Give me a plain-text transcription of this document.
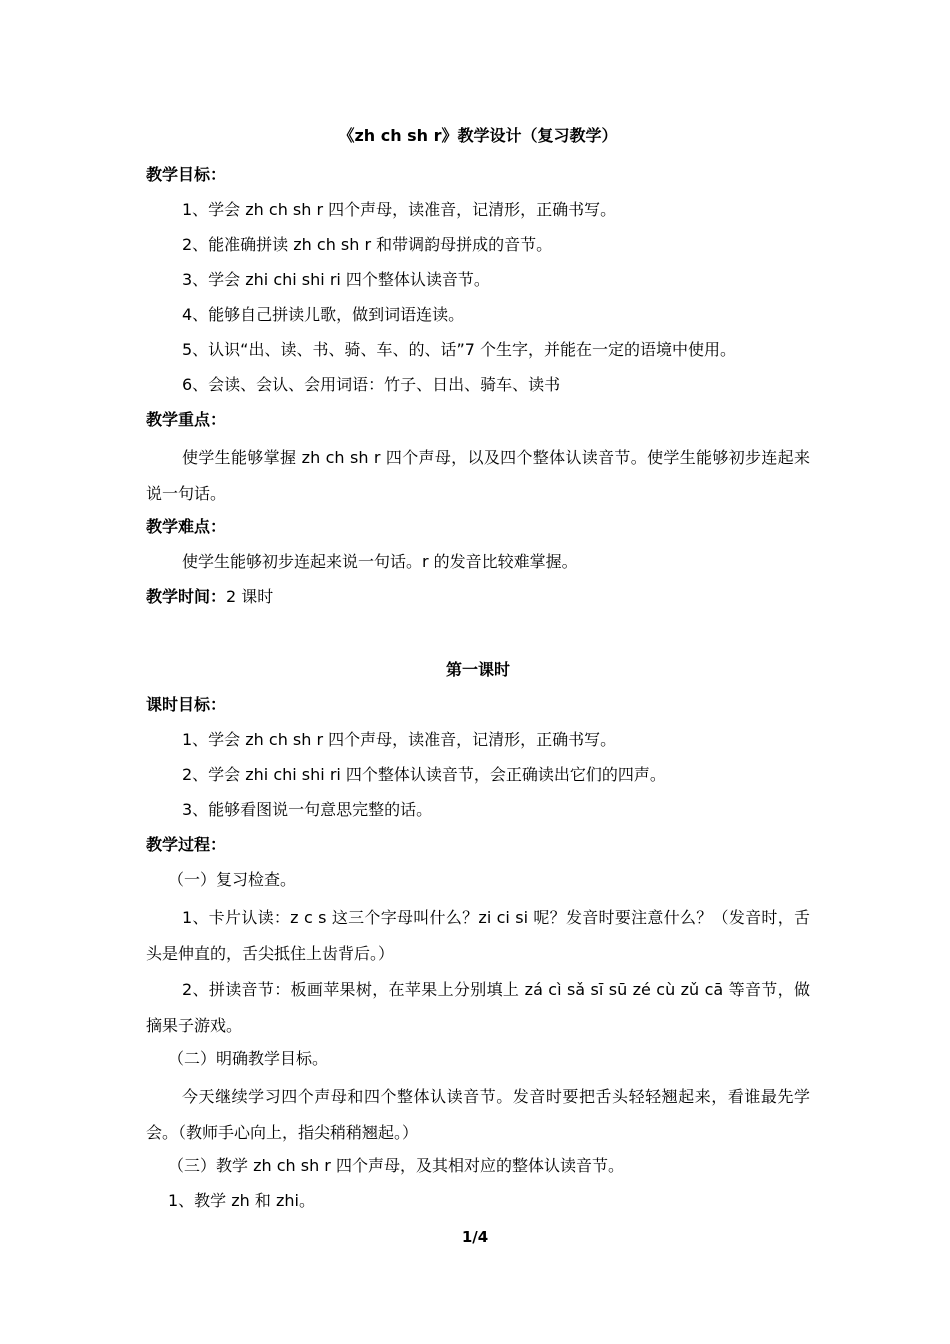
《zh ch sh r》教学设计（复习教学）
教学目标：
1、学会 zh ch sh r 四个声母，读准音，记清形，正确书写。
2、能准确拼读 zh ch sh r 和带调韵母拼成的音节。
3、学会 zhi chi shi ri 四个整体认读音节。
4、能够自己拼读儿歌，做到词语连读。
5、认识“出、读、书、骑、车、的、话”7 个生字，并能在一定的语境中使用。
6、会读、会认、会用词语：竹子、日出、骑车、读书
教学重点：

使学生能够掌握 zh ch sh r 四个声母，以及四个整体认读音节。使学生能够初步连起来说一句话。

教学难点：
使学生能够初步连起来说一句话。r 的发音比较难掌握。
教学时间：2 课时
第一课时
课时目标：
1、学会 zh ch sh r 四个声母，读准音，记清形，正确书写。
2、学会 zhi chi shi ri 四个整体认读音节，会正确读出它们的四声。
3、能够看图说一句意思完整的话。
教学过程：
（一）复习检查。

1、卡片认读：z c s 这三个字母叫什么？zi ci si 呢？发音时要注意什么？（发音时，舌头是伸直的，舌尖抵住上齿背后。）

2、拼读音节：板画苹果树，在苹果上分别填上 zá cì sǎ sī sū zé cù zǔ cā 等音节，做摘果子游戏。

（二）明确教学目标。

今天继续学习四个声母和四个整体认读音节。发音时要把舌头轻轻翘起来，看谁最先学会。（教师手心向上，指尖稍稍翘起。）

（三）教学 zh ch sh r 四个声母，及其相对应的整体认读音节。
1、教学 zh 和 zhi。
1/4
